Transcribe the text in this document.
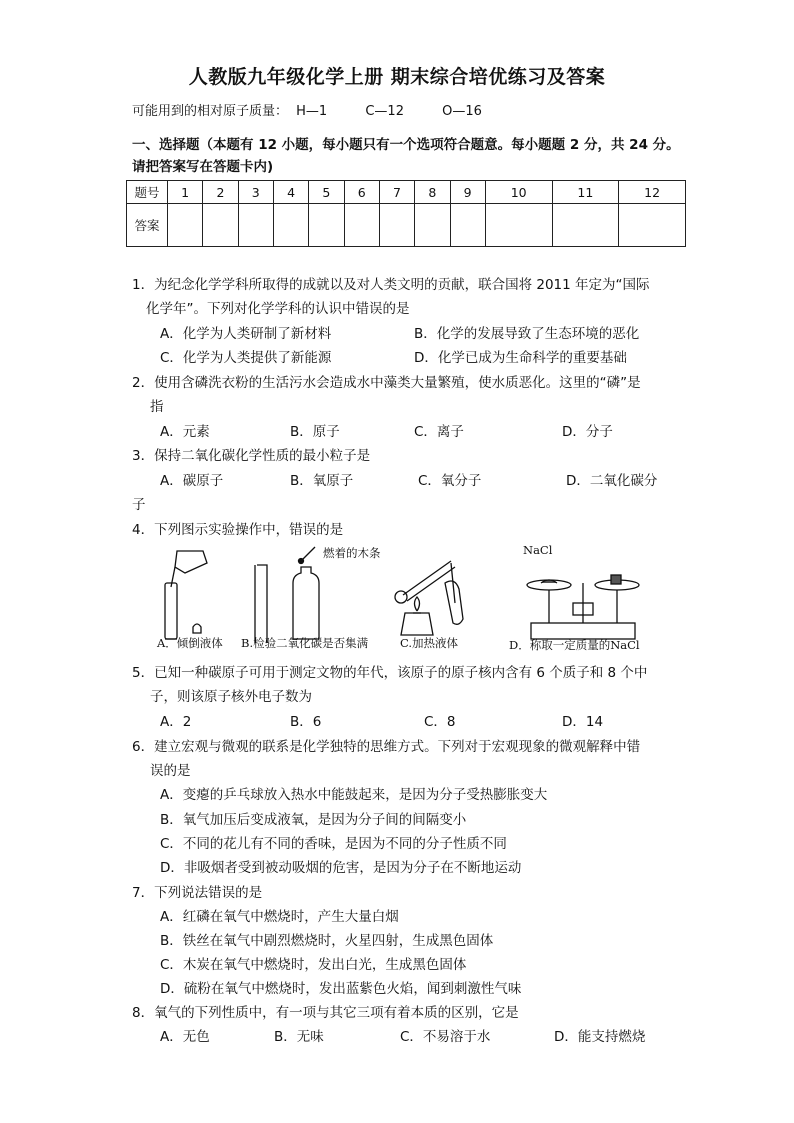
人教版九年级化学上册 期末综合培优练习及答案
可能用到的相对原子质量： H—1	C—12	O—16
一、选择题（本题有 12 小题，每小题只有一个选项符合题意。每小题题 2 分，共 24 分。
请把答案写在答题卡内)
题号	1	2	3	4	5	6	7	8	9	10	11	12
答案												
1．为纪念化学学科所取得的成就以及对人类文明的贡献，联合国将 2011 年定为“国际
化学年”。下列对化学学科的认识中错误的是
A．化学为人类研制了新材料	B．化学的发展导致了生态环境的恶化
C．化学为人类提供了新能源	D．化学已成为生命科学的重要基础
2．使用含磷洗衣粉的生活污水会造成水中藻类大量繁殖，使水质恶化。这里的“磷”是
指
A．元素	B．原子	C．离子	D．分子
3．保持二氧化碳化学性质的最小粒子是
A．碳原子	B．氧原子	C．氧分子	D．二氧化碳分
子
4．下列图示实验操作中，错误的是
A．倾倒液体 B.检验二氧化碳是否集满	C.加热液体	D．称取一定质量的NaCl
燃着的木条	NaCl
5．已知一种碳原子可用于测定文物的年代，该原子的原子核内含有 6 个质子和 8 个中
子，则该原子核外电子数为
A．2	B．6	C．8	D．14
6．建立宏观与微观的联系是化学独特的思维方式。下列对于宏观现象的微观解释中错
误的是
A．变瘪的乒乓球放入热水中能鼓起来，是因为分子受热膨胀变大
B．氧气加压后变成液氧，是因为分子间的间隔变小
C．不同的花儿有不同的香味，是因为不同的分子性质不同
D．非吸烟者受到被动吸烟的危害，是因为分子在不断地运动
7．下列说法错误的是
A．红磷在氧气中燃烧时，产生大量白烟
B．铁丝在氧气中剧烈燃烧时，火星四射，生成黑色固体
C．木炭在氧气中燃烧时，发出白光，生成黑色固体
D．硫粉在氧气中燃烧时，发出蓝紫色火焰，闻到刺激性气味
8．氧气的下列性质中，有一项与其它三项有着本质的区别，它是
A．无色	B．无味	C．不易溶于水	D．能支持燃烧
